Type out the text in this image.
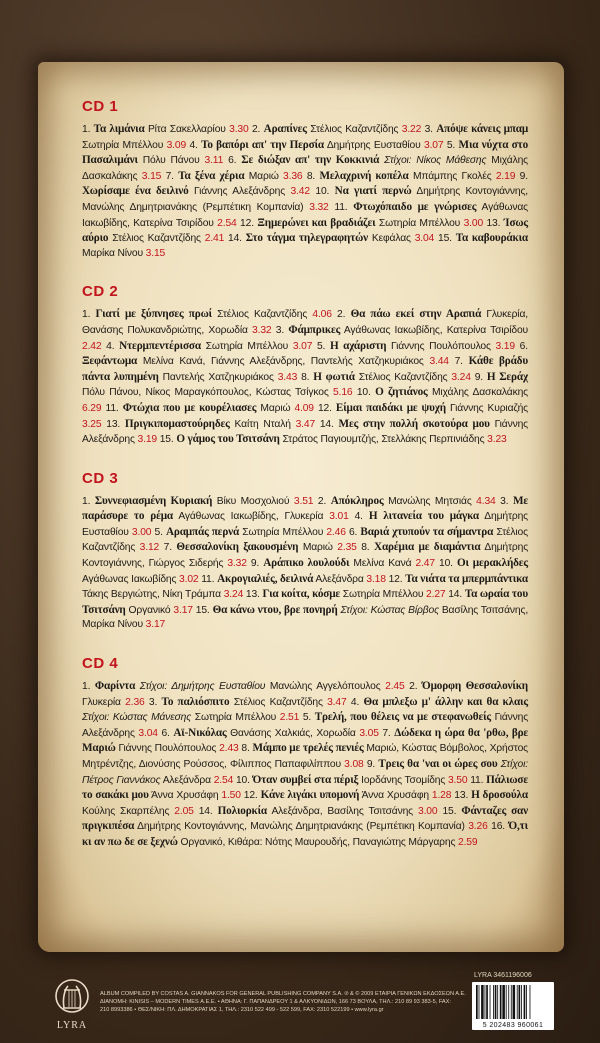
CD 1
1. Τα λιμάνια Ρίτα Σακελλαρίου 3.30 2. Αραπίνες Στέλιος Καζαντζίδης 3.22 3. Απόψε κάνεις μπαμ Σωτηρία Μπέλλου 3.09 4. Το βαπόρι απ' την Περσία Δημήτρης Ευσταθίου 3.07 5. Μια νύχτα στο Πασαλιμάνι Πόλυ Πάνου 3.11 6. Σε διώξαν απ' την Κοκκινιά Στίχοι: Νίκος Μάθεσης Μιχάλης Δασκαλάκης 3.15 7. Τα ξένα χέρια Μαριώ 3.36 8. Μελαχρινή κοπέλα Μπάμπης Γκολές 2.19 9. Χωρίσαμε ένα δειλινό Γιάννης Αλεξάνδρης 3.42 10. Να γιατί περνώ Δημήτρης Κοντογιάννης, Μανώλης Δημητριανάκης (Ρεμπέτικη Κομπανία) 3.32 11. Φτωχόπαιδο με γνώρισες Αγάθωνας Ιακωβίδης, Κατερίνα Τσιρίδου 2.54 12. Ξημερώνει και βραδιάζει Σωτηρία Μπέλλου 3.00 13. Ίσως αύριο Στέλιος Καζαντζίδης 2.41 14. Στο τάγμα τηλεγραφητών Κεφάλας 3.04 15. Τα καβουράκια Μαρίκα Νίνου 3.15
CD 2
1. Γιατί με ξύπνησες πρωί Στέλιος Καζαντζίδης 4.06 2. Θα πάω εκεί στην Αραπιά Γλυκερία, Θανάσης Πολυκανδριώτης, Χορωδία 3.32 3. Φάμπρικες Αγάθωνας Ιακωβίδης, Κατερίνα Τσιρίδου 2.42 4. Ντερμπεντέρισσα Σωτηρία Μπέλλου 3.07 5. Η αχάριστη Γιάννης Πουλόπουλος 3.19 6. Ξεφάντωμα Μελίνα Κανά, Γιάννης Αλεξάνδρης, Παντελής Χατζηκυριάκος 3.44 7. Κάθε βράδυ πάντα λυπημένη Παντελής Χατζηκυριάκος 3.43 8. Η φωτιά Στέλιος Καζαντζίδης 3.24 9. Η Σεράχ Πόλυ Πάνου, Νίκος Μαραγκόπουλος, Κώστας Τσίγκος 5.16 10. Ο ζητιάνος Μιχάλης Δασκαλάκης 6.29 11. Φτώχια που με κουρέλιασες Μαριώ 4.09 12. Είμαι παιδάκι με ψυχή Γιάννης Κυριαζής 3.25 13. Πριγκιπομαστούρηδες Καίτη Νταλή 3.47 14. Μες στην πολλή σκοτούρα μου Γιάννης Αλεξάνδρης 3.19 15. Ο γάμος του Τσιτσάνη Στράτος Παγιουμτζής, Στελλάκης Περπινιάδης 3.23
CD 3
1. Συννεφιασμένη Κυριακή Βίκυ Μοσχολιού 3.51 2. Απόκληρος Μανώλης Μητσιάς 4.34 3. Με παράσυρε το ρέμα Αγάθωνας Ιακωβίδης, Γλυκερία 3.01 4. Η λιτανεία του μάγκα Δημήτρης Ευσταθίου 3.00 5. Αραμπάς περνά Σωτηρία Μπέλλου 2.46 6. Βαριά χτυπούν τα σήμαντρα Στέλιος Καζαντζίδης 3.12 7. Θεσσαλονίκη ξακουσμένη Μαριώ 2.35 8. Χαρέμια με διαμάντια Δημήτρης Κοντογιάννης, Γιώργος Σιδερής 3.32 9. Αράπικο λουλούδι Μελίνα Κανά 2.47 10. Οι μερακλήδες Αγάθωνας Ιακωβίδης 3.02 11. Ακρογιαλιές, δειλινά Αλεξάνδρα 3.18 12. Τα νιάτα τα μπερμπάντικα Τάκης Βεργιώτης, Νίκη Τράμπα 3.24 13. Για κοίτα, κόσμε Σωτηρία Μπέλλου 2.27 14. Τα ωραία του Τσιτσάνη Οργανικό 3.17 15. Θα κάνω ντου, βρε πονηρή Στίχοι: Κώστας Βίρβος Βασίλης Τσιτσάνης, Μαρίκα Νίνου 3.17
CD 4
1. Φαρίντα Στίχοι: Δημήτρης Ευσταθίου Μανώλης Αγγελόπουλος 2.45 2. Όμορφη Θεσσαλονίκη Γλυκερία 2.36 3. Το παλιόσπιτο Στέλιος Καζαντζίδης 3.47 4. Θα μπλεξω μ' άλλην και θα κλαις Στίχοι: Κώστας Μάνεσης Σωτηρία Μπέλλου 2.51 5. Τρελή, που θέλεις να με στεφανωθείς Γιάννης Αλεξάνδρης 3.04 6. Αϊ-Νικόλας Θανάσης Χαλκιάς, Χορωδία 3.05 7. Δώδεκα η ώρα θα 'ρθω, βρε Μαριώ Γιάννης Πουλόπουλος 2.43 8. Μάμπο με τρελές πενιές Μαριώ, Κώστας Βόμβολος, Χρήστος Μητρέντζης, Διονύσης Ρούσσος, Φίλιππος Παπαφιλίππου 3.08 9. Τρεις θα 'ναι οι ώρες σου Στίχοι: Πέτρος Γιαννάκος Αλεξάνδρα 2.54 10. Όταν συμβεί στα πέριξ Ιορδάνης Τσομίδης 3.50 11. Πάλιωσε το σακάκι μου Άννα Χρυσάφη 1.50 12. Κάνε λιγάκι υπομονή Άννα Χρυσάφη 1.28 13. Η δροσούλα Κούλης Σκαρπέλης 2.05 14. Πολιορκία Αλεξάνδρα, Βασίλης Τσιτσάνης 3.00 15. Φάνταζες σαν πριγκιπέσα Δημήτρης Κοντογιάννης, Μανώλης Δημητριανάκης (Ρεμπέτικη Κομπανία) 3.26 16. Ό,τι κι αν πω δε σε ξεχνώ Οργανικό, Κιθάρα: Νότης Μαυρουδής, Παναγιώτης Μάργαρης 2.59
LYRA
ALBUM COMPILED BY COSTAS A. GIANNAKOS FOR GENERAL PUBLISHING COMPANY S.A. ℗ & © 2009 ΕΤΑΙΡΙΑ ΓΕΝΙΚΩΝ ΕΚΔΟΣΕΩΝ Α.Ε.
ΔΙΑΝΟΜΗ: KINISIS – MODERN TIMES Α.Ε.Ε. • ΑΘΗΝΑ: Γ. ΠΑΠΑΝΔΡΕΟΥ 1 & ΑΛΚΥΟΝΙΔΩΝ, 166 73 ΒΟΥΛΑ, ΤΗΛ.: 210 89 93 383-5, FAX:
210 8993386 • ΘΕΣ/ΝΙΚΗ: ΠΛ. ΔΗΜΟΚΡΑΤΙΑΣ 1, ΤΗΛ.: 2310 522 499 - 522 599, FAX: 2310 522199 • www.lyra.gr
LYRA 3461196006
5 202483 960061
